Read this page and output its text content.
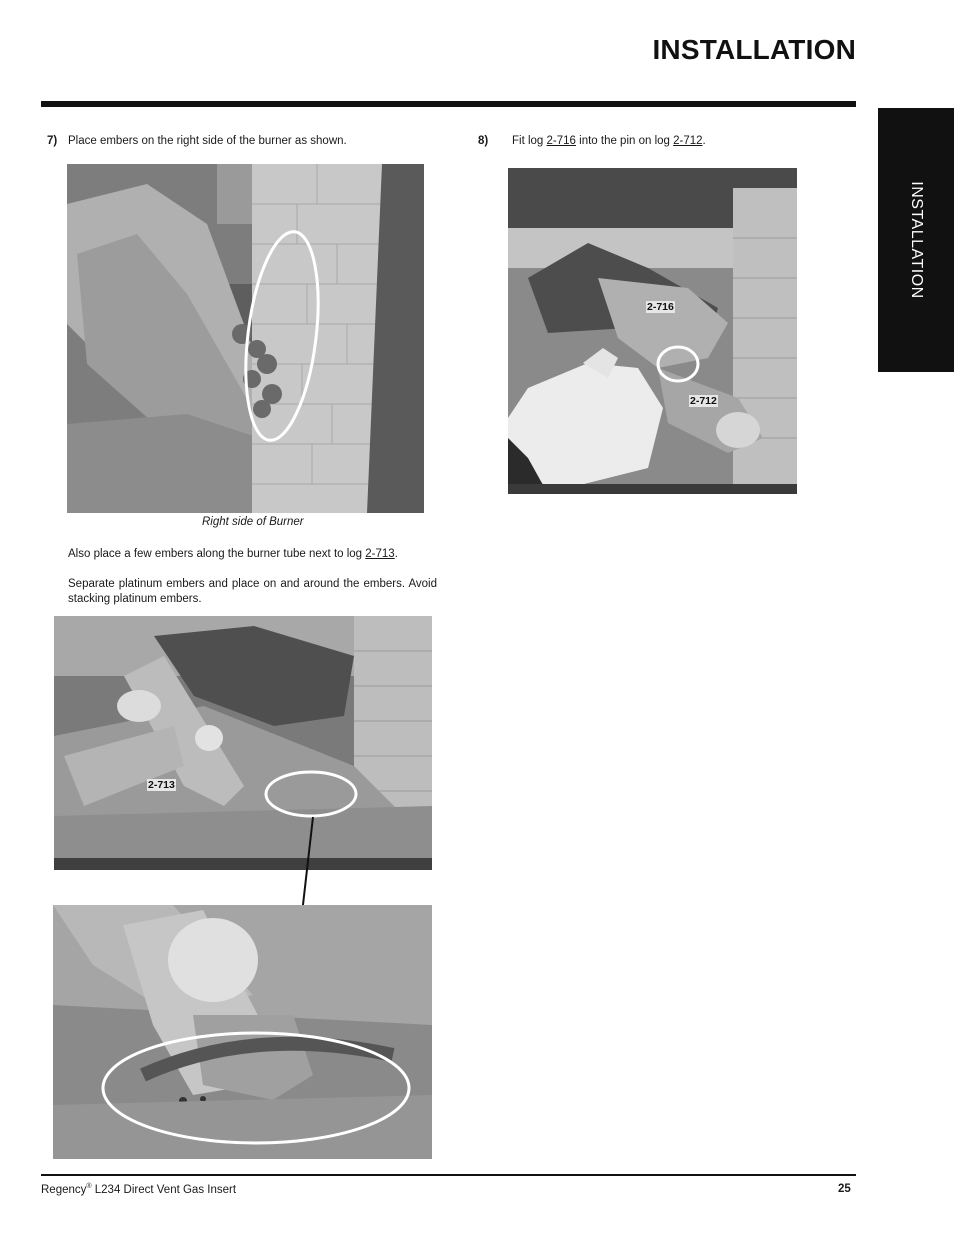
INSTALLATION
INSTALLATION
7) Place embers on the right side of the burner as shown.
Right side of Burner
Also place a few embers along the burner tube next to log 2-713.
Separate platinum embers and place on and around the embers. Avoid stacking platinum embers.
2-713
8) Fit log 2-716 into the pin on log 2-712.
2-716
2-712
Regency® L234 Direct Vent Gas Insert	25
